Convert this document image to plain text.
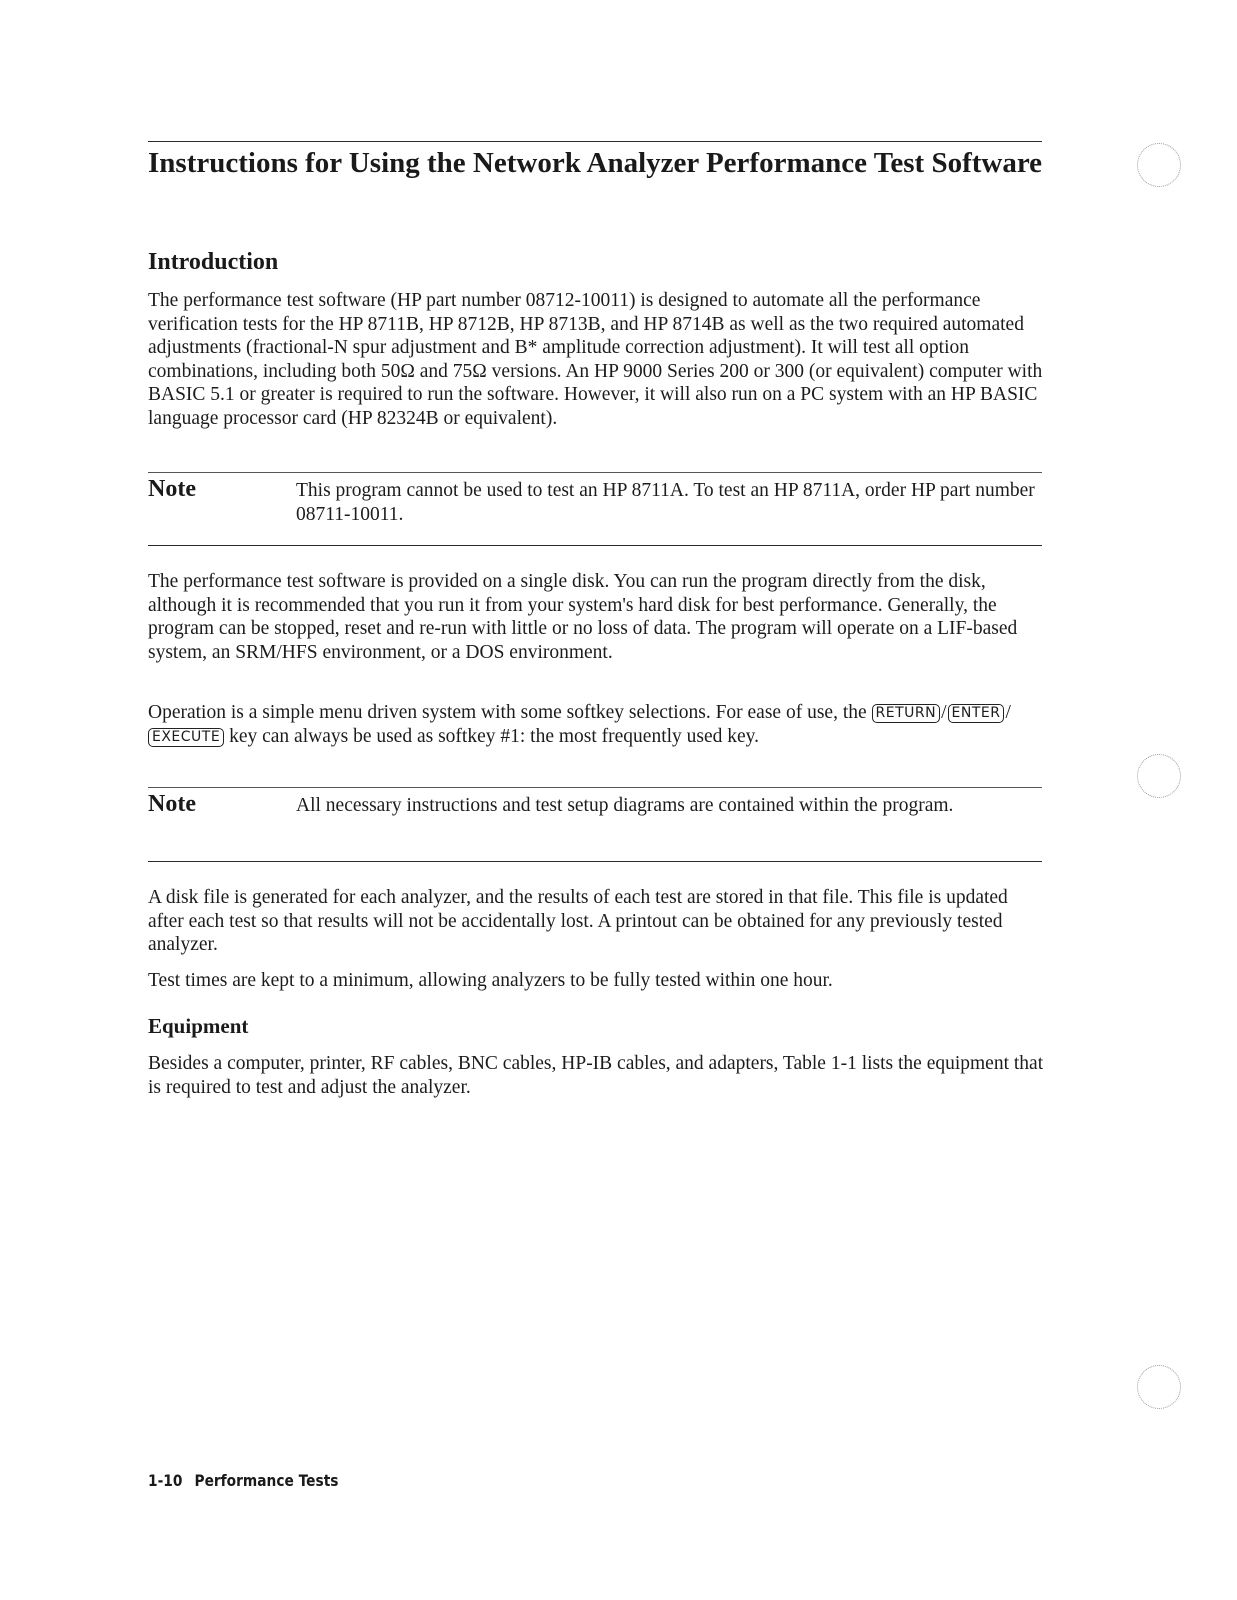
Instructions for Using the Network Analyzer Performance Test Software
Introduction

The performance test software (HP part number 08712-10011) is designed to automate all the performance verification tests for the HP 8711B, HP 8712B, HP 8713B, and HP 8714B as well as the two required automated adjustments (fractional-N spur adjustment and B* amplitude correction adjustment). It will test all option combinations, including both 50Ω and 75Ω versions. An HP 9000 Series 200 or 300 (or equivalent) computer with BASIC 5.1 or greater is required to run the software. However, it will also run on a PC system with an HP BASIC language processor card (HP 82324B or equivalent).

Note	This program cannot be used to test an HP 8711A. To test an HP 8711A, order HP part number 08711-10011.

The performance test software is provided on a single disk. You can run the program directly from the disk, although it is recommended that you run it from your system's hard disk for best performance. Generally, the program can be stopped, reset and re-run with little or no loss of data. The program will operate on a LIF-based system, an SRM/HFS environment, or a DOS environment.

Operation is a simple menu driven system with some softkey selections. For ease of use, the RETURN / ENTER /EXECUTE key can always be used as softkey #1: the most frequently used key.

Note	All necessary instructions and test setup diagrams are contained within the program.

A disk file is generated for each analyzer, and the results of each test are stored in that file. This file is updated after each test so that results will not be accidentally lost. A printout can be obtained for any previously tested analyzer.

Test times are kept to a minimum, allowing analyzers to be fully tested within one hour.

Equipment

Besides a computer, printer, RF cables, BNC cables, HP-IB cables, and adapters, Table 1-1 lists the equipment that is required to test and adjust the analyzer.

1-10 Performance Tests
